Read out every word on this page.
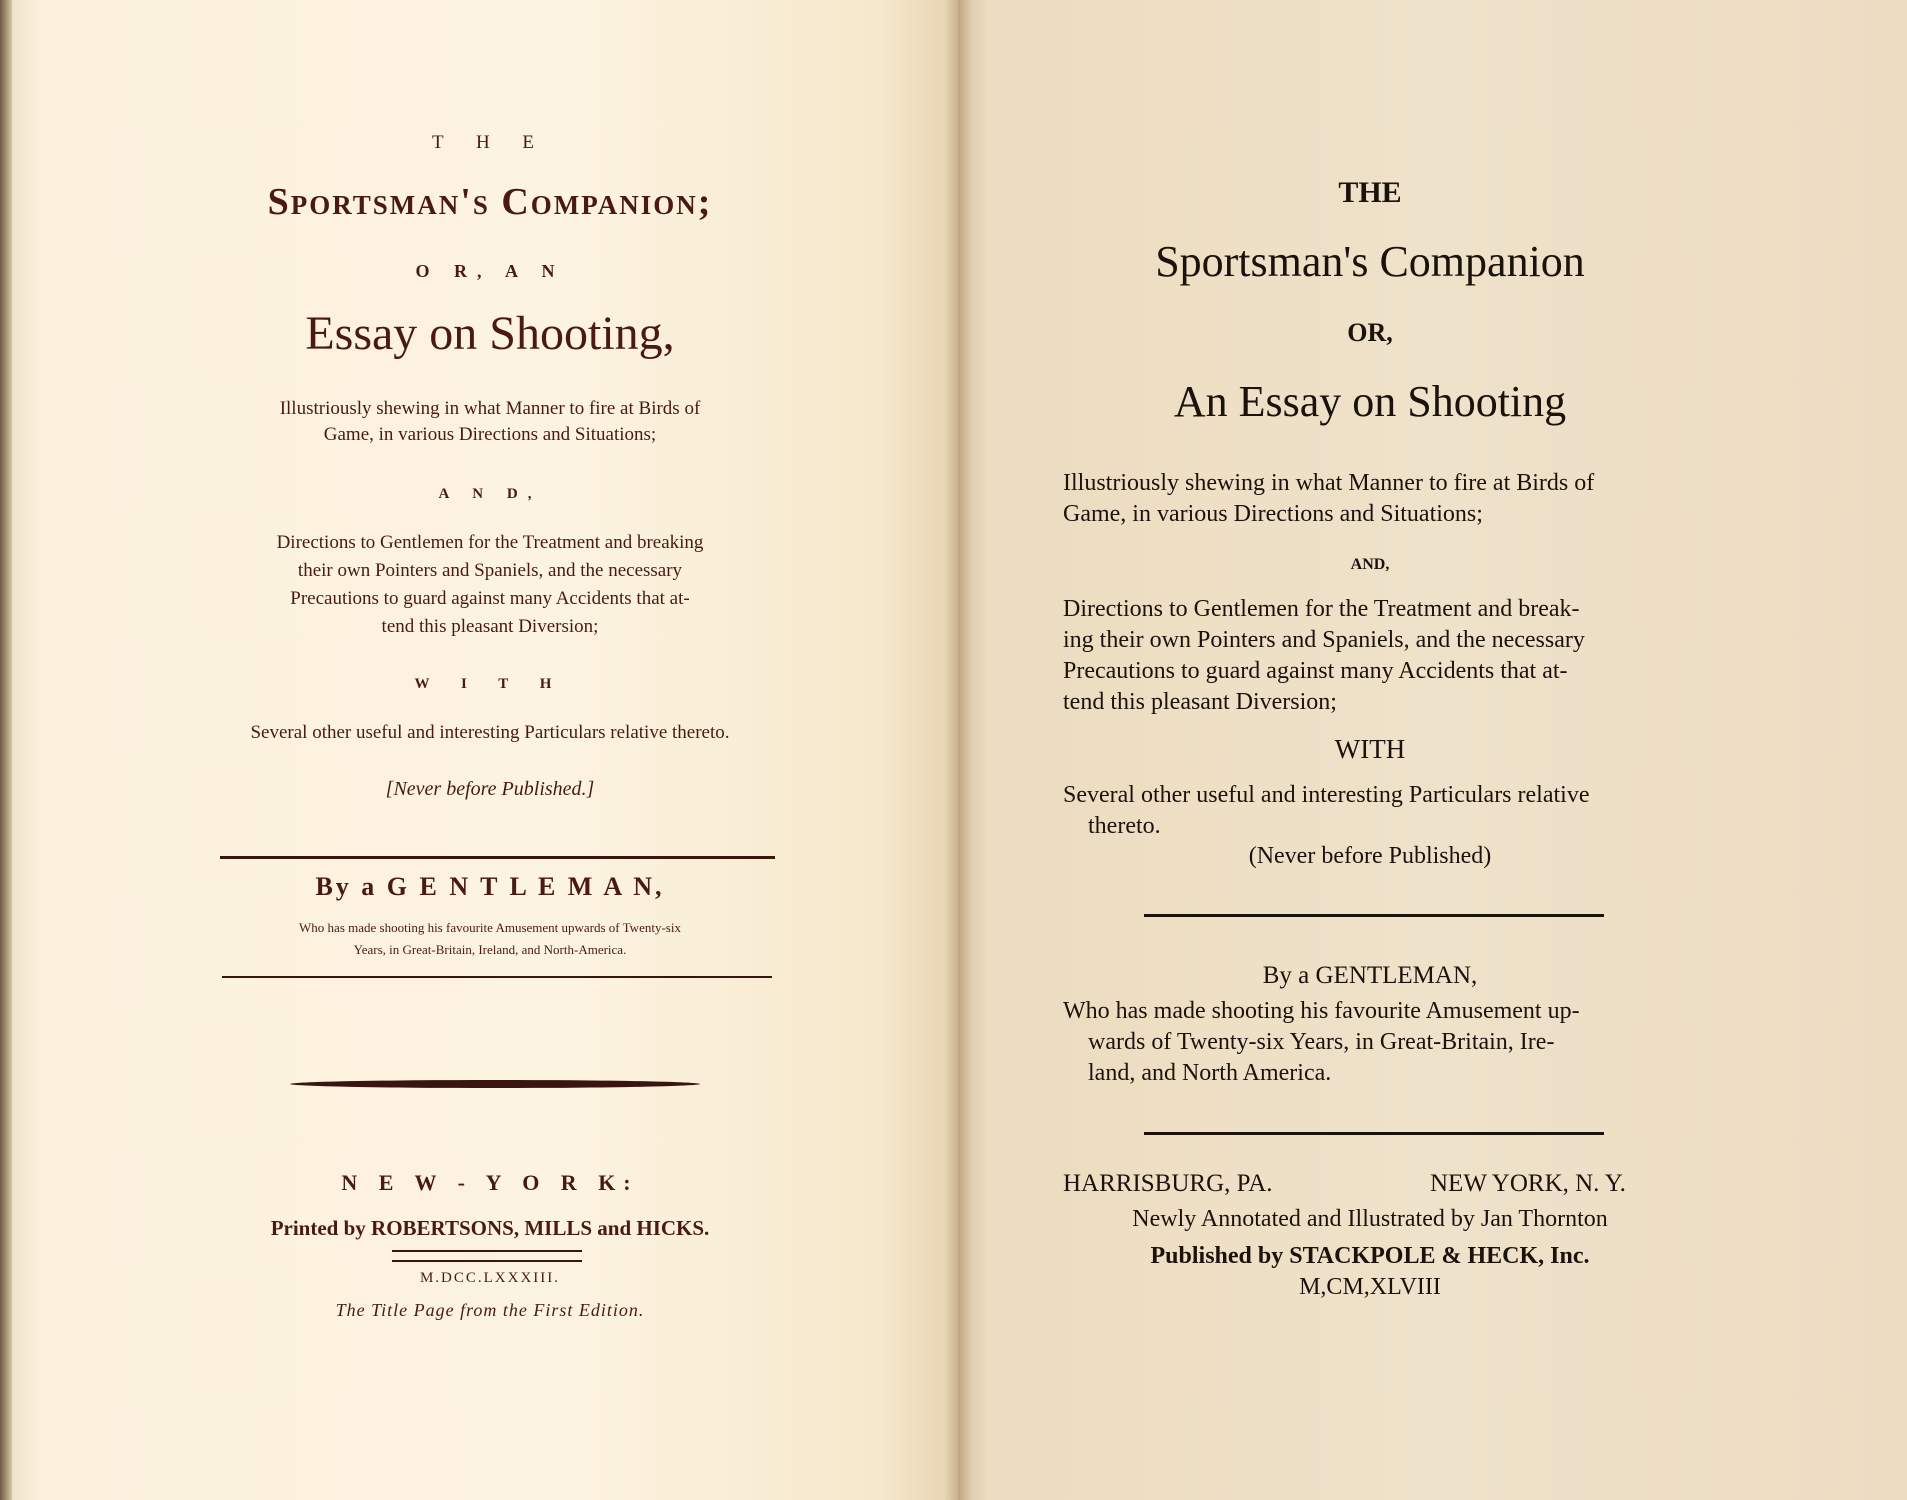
T H E
Sportsman's Companion;
O R, A N
Essay on Shooting,
Illustriously shewing in what Manner to fire at Birds of
Game, in various Directions and Situations;
A N D,
Directions to Gentlemen for the Treatment and breaking
their own Pointers and Spaniels, and the necessary
Precautions to guard against many Accidents that at-
tend this pleasant Diversion;
W I T H
Several other useful and interesting Particulars relative thereto.
[Never before Published.]
By a G E N T L E M A N,
Who has made shooting his favourite Amusement upwards of Twenty-six
Years, in Great-Britain, Ireland, and North-America.
N E W - Y O R K:
Printed by ROBERTSONS, MILLS and HICKS.
M.DCC.LXXXIII.
The Title Page from the First Edition.
THE
Sportsman's Companion
OR,
An Essay on Shooting
Illustriously shewing in what Manner to fire at Birds of
Game, in various Directions and Situations;
AND,
Directions to Gentlemen for the Treatment and break-
ing their own Pointers and Spaniels, and the necessary
Precautions to guard against many Accidents that at-
tend this pleasant Diversion;
WITH
Several other useful and interesting Particulars relative
thereto.
(Never before Published)
By a GENTLEMAN,
Who has made shooting his favourite Amusement up-
wards of Twenty-six Years, in Great-Britain, Ire-
land, and North America.
HARRISBURG, PA.	NEW YORK, N. Y.
Newly Annotated and Illustrated by Jan Thornton
Published by STACKPOLE & HECK, Inc.
M,CM,XLVIII
